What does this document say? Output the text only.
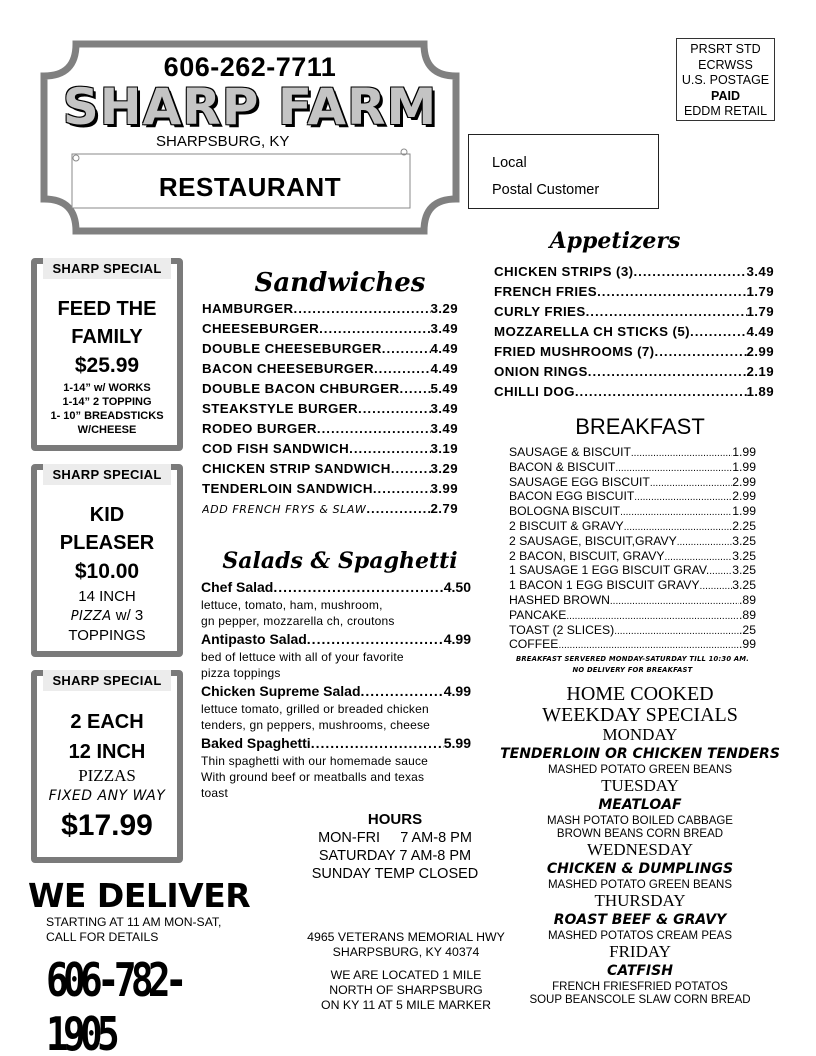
606-262-7711
SHARP FARM
SHARPSBURG, KY
RESTAURANT
PRSRT STD
ECRWSS
U.S. POSTAGE
PAID
EDDM RETAIL
Local
Postal Customer
SHARP SPECIAL
FEED THE
FAMILY
$25.99
1-14” w/ WORKS
1-14” 2 TOPPING
1- 10” BREADSTICKS
W/CHEESE
SHARP SPECIAL
KID
PLEASER
$10.00
14 INCH
PIZZA w/ 3
TOPPINGS
SHARP SPECIAL
2 EACH
12 INCH
PIZZAS
FIXED ANY WAY
$17.99
Sandwiches
HAMBURGER .....	3.29
CHEESEBURGER .....	3.49
DOUBLE CHEESEBURGER .....	4.49
BACON CHEESEBURGER .....	4.49
DOUBLE BACON CHBURGER ..... 5.49
STEAKSTYLE BURGER .....	3.49
RODEO BURGER .....	3.49
COD FISH SANDWICH .....	3.19
CHICKEN STRIP SANDWICH .....	3.29
TENDERLOIN SANDWICH .....	3.99
ADD FRENCH FRYS & SLAW .....	2.79
Salads & Spaghetti
Chef Salad .....	4.50
lettuce, tomato, ham, mushroom,
gn pepper, mozzarella ch, croutons
Antipasto Salad .....	4.99
bed of lettuce with all of your favorite
pizza toppings
Chicken Supreme Salad .....	4.99
lettuce tomato, grilled or breaded chicken
tenders, gn peppers, mushrooms, cheese
Baked Spaghetti .....	5.99
Thin spaghetti with our homemade sauce
With ground beef or meatballs and texas
toast
Appetizers
CHICKEN STRIPS (3) .....	3.49
FRENCH FRIES .....	1.79
CURLY FRIES .....	1.79
MOZZARELLA CH STICKS (5) .....	4.49
FRIED MUSHROOMS (7) .....	2.99
ONION RINGS .....	2.19
CHILLI DOG .....	1.89
BREAKFAST
SAUSAGE & BISCUIT .....	1.99
BACON & BISCUIT .....	1.99
SAUSAGE EGG BISCUIT .....	2.99
BACON EGG BISCUIT .....	2.99
BOLOGNA BISCUIT .....	1.99
2 BISCUIT & GRAVY .....	2.25
2 SAUSAGE, BISCUIT,GRAVY .....	3.25
2 BACON, BISCUIT, GRAVY .....	3.25
1 SAUSAGE 1 EGG BISCUIT GRAV. ..... 3.25
1 BACON 1 EGG BISCUIT GRAVY .....	3.25
HASHED BROWN .....	.89
PANCAKE .....	.89
TOAST (2 SLICES) .....	.25
COFFEE .....	.99
BREAKFAST SERVERED MONDAY-SATURDAY TILL 10:30 AM.
NO DELIVERY FOR BREAKFAST
HOME COOKED
WEEKDAY SPECIALS
MONDAY
TENDERLOIN OR CHICKEN TENDERS
MASHED POTATO GREEN BEANS
TUESDAY
MEATLOAF
MASH POTATO BOILED CABBAGE
BROWN BEANS CORN BREAD
WEDNESDAY
CHICKEN & DUMPLINGS
MASHED POTATO GREEN BEANS
THURSDAY
ROAST BEEF & GRAVY
MASHED POTATOS CREAM PEAS
FRIDAY
CATFISH
FRENCH FRIESFRIED POTATOS
SOUP BEANSCOLE SLAW CORN BREAD
HOURS
MON-FRI     7 AM-8 PM
SATURDAY 7 AM-8 PM
SUNDAY TEMP CLOSED
4965 VETERANS MEMORIAL HWY
SHARPSBURG, KY 40374
WE ARE LOCATED 1 MILE
NORTH OF SHARPSBURG
ON KY 11 AT 5 MILE MARKER
WE DELIVER
STARTING AT 11 AM MON-SAT,
CALL FOR DETAILS
606-782-1905
